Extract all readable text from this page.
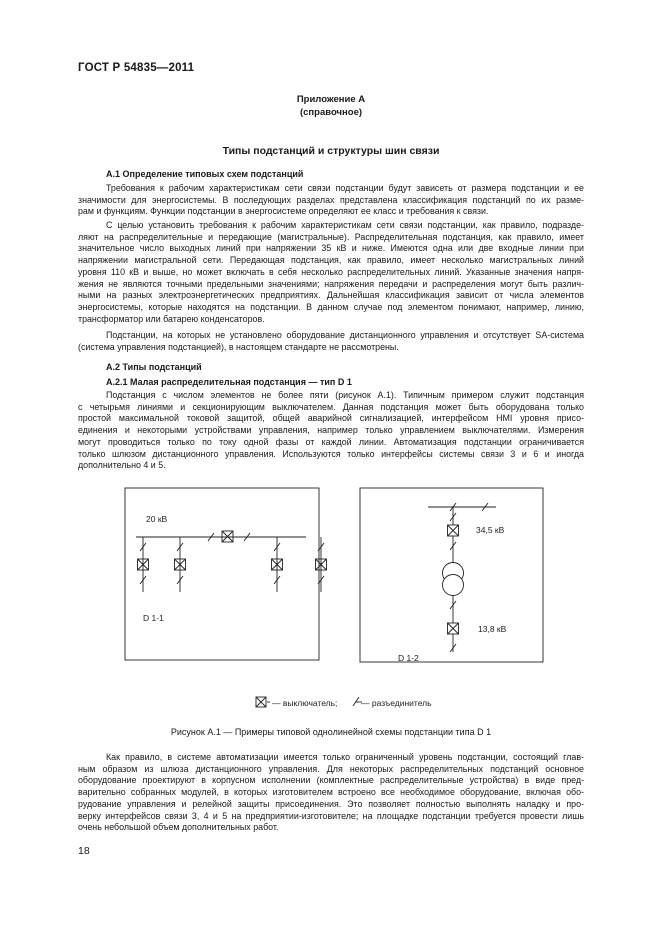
ГОСТ Р 54835—2011
Приложение А
(справочное)
Типы подстанций и структуры шин связи
А.1 Определение типовых схем подстанций
Требования к рабочим характеристикам сети связи подстанции будут зависеть от размера подстанции и ее
значимости для энергосистемы. В последующих разделах представлена классификация подстанций по их разме-
рам и функциям. Функции подстанции в энергосистеме определяют ее класс и требования к связи.
С целью установить требования к рабочим характеристикам сети связи подстанции, как правило, подразде-
ляют на распределительные и передающие (магистральные). Распределительная подстанция, как правило, имеет
значительное число выходных линий при напряжении 35 кВ и ниже. Имеются одна или две входные линии при
напряжении магистральной сети. Передающая подстанция, как правило, имеет несколько магистральных линий
уровня 110 кВ и выше, но может включать в себя несколько распределительных линий. Указанные значения напря-
жения не являются точными предельными значениями; напряжения передачи и распределения могут быть различ-
ными на разных электроэнергетических предприятиях. Дальнейшая классификация зависит от числа элементов
энергосистемы, которые находятся на подстанции. В данном случае под элементом понимают, например, линию,
трансформатор или батарею конденсаторов.
Подстанции, на которых не установлено оборудование дистанционного управления и отсутствует SA-система
(система управления подстанцией), в настоящем стандарте не рассмотрены.
А.2 Типы подстанций
А.2.1 Малая распределительная подстанция — тип D 1
Подстанция с числом элементов не более пяти (рисунок А.1). Типичным примером служит подстанция
с четырьмя линиями и секционирующим выключателем. Данная подстанция может быть оборудована только
простой максимальной токовой защитой, общей аварийной сигнализацией, интерфейсом HMI уровня присо-
единения и некоторыми устройствами управления, например только управлением выключателями. Измерения
могут проводиться только по току одной фазы от каждой линии. Автоматизация подстанции ограничивается
только шлюзом дистанционного управления. Используются только интерфейсы системы связи 3 и 6 и иногда
дополнительно 4 и 5.
20 кВ
D 1-1
34,5 кВ
13,8 кВ
D 1-2
— выключатель;	— разъединитель
Рисунок А.1 — Примеры типовой однолинейной схемы подстанции типа D 1
Как правило, в системе автоматизации имеется только ограниченный уровень подстанции, состоящий глав-
ным образом из шлюза дистанционного управления. Для некоторых распределительных подстанций основное
оборудование проектируют в корпусном исполнении (комплектные распределительные устройства) в виде пред-
варительно собранных модулей, в которых изготовителем встроено все необходимое оборудование, включая обо-
рудование управления и релейной защиты присоединения. Это позволяет полностью выполнять наладку и про-
верку интерфейсов связи 3, 4 и 5 на предприятии-изготовителе; на площадке подстанции требуется провести лишь
очень небольшой объем дополнительных работ.
18
